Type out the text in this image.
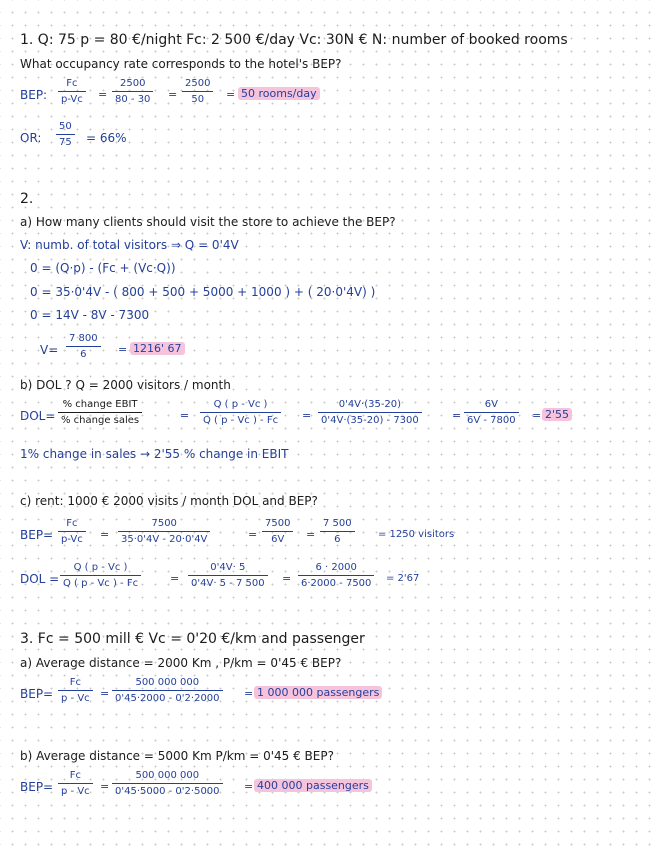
1. Q: 75 p = 80 €/night Fc: 2 500 €/day Vc: 30N € N: number of booked rooms
What occupancy rate corresponds to the hotel's BEP?
BEP:
Fc
p-Vc =
2500
80 - 30 =
2500
50 = 50 rooms/day
OR:
50
75 = 66%
2.
a) How many clients should visit the store to achieve the BEP?
V: numb. of total visitors ⇒ Q = 0'4V
0 = (Q·p) - (Fc + (Vc·Q))
0 = 35·0'4V - ( 800 + 500 + 5000 + 1000 ) + ( 20·0'4V) )
0 = 14V - 8V - 7300
V=
7 800
6	= 1216' 67
b) DOL ? Q = 2000 visitors / month
DOL=
% change EBIT
% change sales	=
Q ( p - Vc )
Q ( p - Vc ) - Fc =
0'4V·(35-20)
0'4V·(35-20) - 7300	=
6V
6V - 7800 = 2'55
1% change in sales → 2'55 % change in EBIT
c) rent: 1000 € 2000 visits / month DOL and BEP?
BEP=
Fc
p-Vc =
7500
35·0'4V - 20·0'4V	=
7500
6V =
7 500
6	= 1250 visitors
DOL =
Q ( p - Vc )
Q ( p - Vc ) - Fc	=
0'4V· 5
0'4V· 5 - 7 500 =
6 · 2000
6·2000 - 7500	= 2'67
3. Fc = 500 mill € Vc = 0'20 €/km and passenger
a) Average distance = 2000 Km , P/km = 0'45 € BEP?
BEP=
Fc
p - Vc =
500 000 000
0'45·2000 - 0'2·2000 = 1 000 000 passengers
b) Average distance = 5000 Km P/km = 0'45 € BEP?
BEP=
Fc
p - Vc =
500 000 000
0'45·5000 - 0'2·5000 = 400 000 passengers
